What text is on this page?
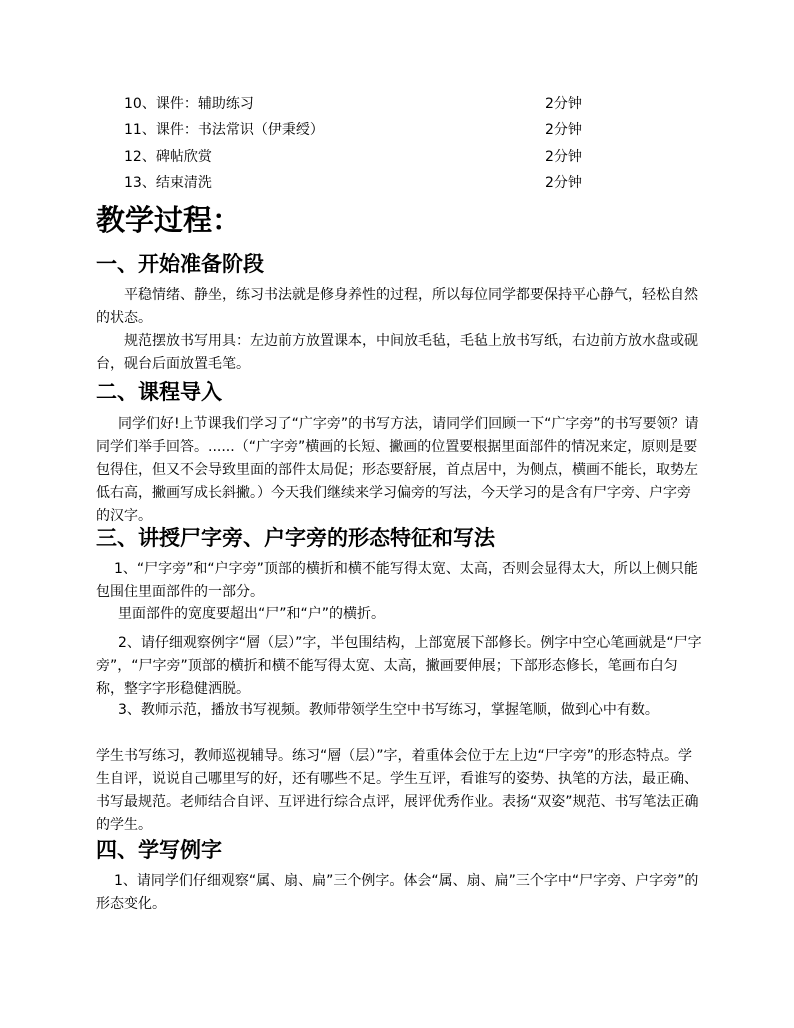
10、课件：辅助练习	2分钟
11、课件：书法常识（伊秉绶）	2分钟
12、碑帖欣赏	2分钟
13、结束清洗	2分钟
教学过程：
一、开始准备阶段

平稳情绪、静坐，练习书法就是修身养性的过程，所以每位同学都要保持平心静气，轻松自然的状态。

规范摆放书写用具：左边前方放置课本，中间放毛毡，毛毡上放书写纸，右边前方放水盘或砚台，砚台后面放置毛笔。

二、课程导入

同学们好!上节课我们学习了“广字旁”的书写方法，请同学们回顾一下“广字旁”的书写要领？请同学们举手回答。......（“广字旁”横画的长短、撇画的位置要根据里面部件的情况来定，原则是要包得住，但又不会导致里面的部件太局促；形态要舒展，首点居中，为侧点，横画不能长，取势左低右高，撇画写成长斜撇。）今天我们继续来学习偏旁的写法，今天学习的是含有尸字旁、户字旁的汉字。

三、讲授尸字旁、户字旁的形态特征和写法

1、“尸字旁”和“户字旁”顶部的横折和横不能写得太宽、太高，否则会显得太大，所以上侧只能包围住里面部件的一部分。

里面部件的宽度要超出“尸”和“户”的横折。

2、请仔细观察例字“層（层）”字，半包围结构，上部宽展下部修长。例字中空心笔画就是“尸字旁”，“尸字旁”顶部的横折和横不能写得太宽、太高，撇画要伸展；下部形态修长，笔画布白匀称，整字字形稳健洒脱。

3、教师示范，播放书写视频。教师带领学生空中书写练习，掌握笔顺，做到心中有数。

学生书写练习，教师巡视辅导。练习“層（层）”字，着重体会位于左上边“尸字旁”的形态特点。学生自评，说说自己哪里写的好，还有哪些不足。学生互评，看谁写的姿势、执笔的方法，最正确、书写最规范。老师结合自评、互评进行综合点评，展评优秀作业。表扬“双姿”规范、书写笔法正确的学生。

四、学写例字

1、请同学们仔细观察“属、扇、扁”三个例字。体会“属、扇、扁”三个字中“尸字旁、户字旁”的形态变化。
